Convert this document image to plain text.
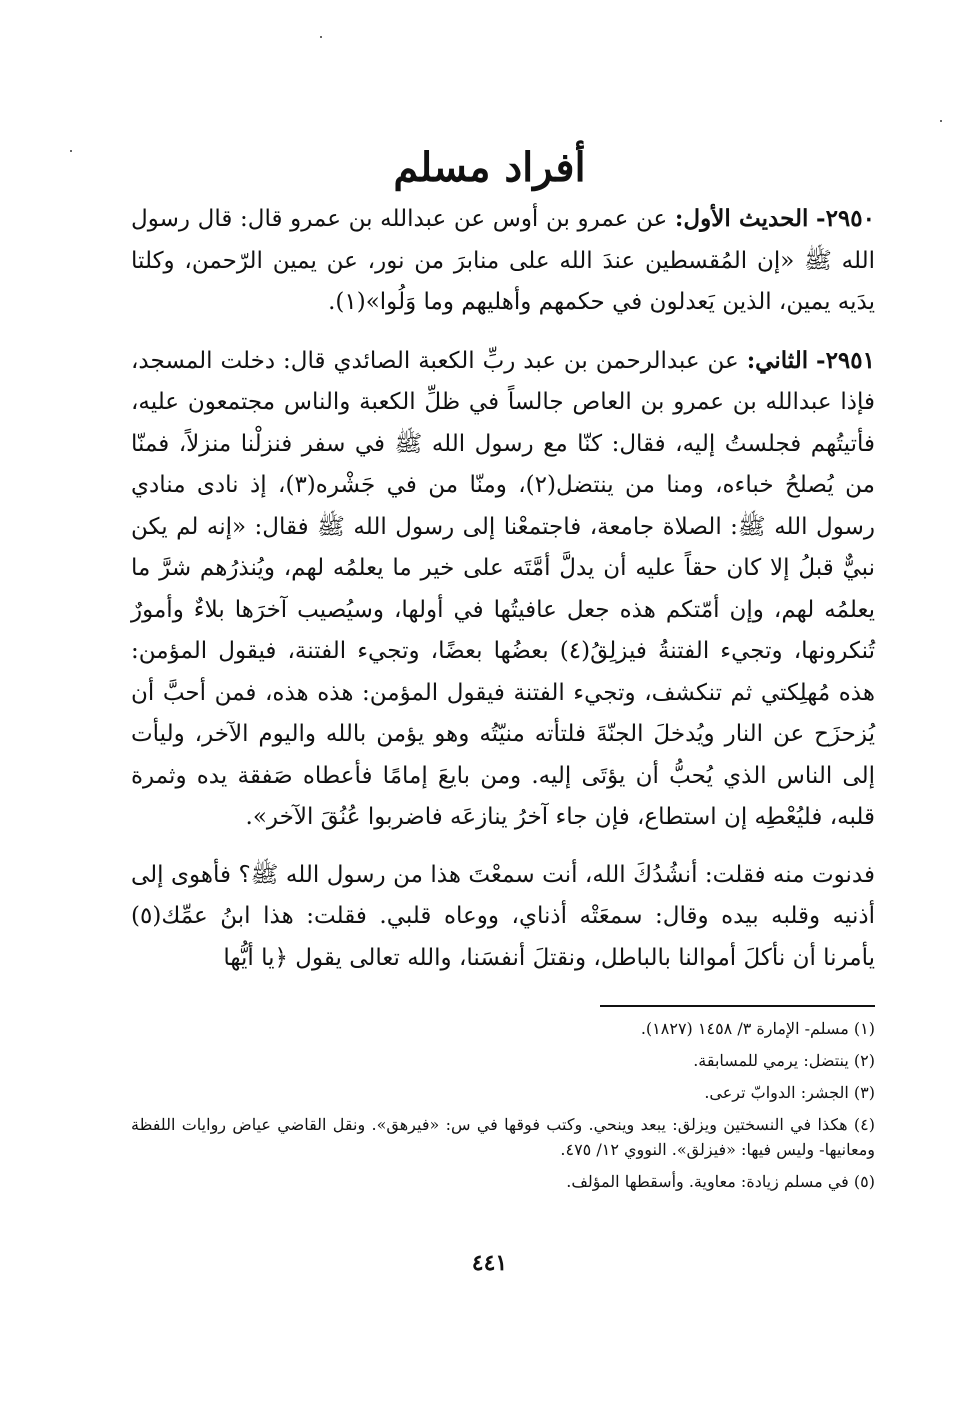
أفراد مسلم

٢٩٥٠- الحديث الأول: عن عمرو بن أوس عن عبدالله بن عمرو قال: قال رسول الله ﷺ «إن المُقسطين عندَ الله على منابرَ من نور، عن يمين الرّحمن، وكلتا يدَيه يمين، الذين يَعدلون في حكمهم وأهليهم وما وَلُوا»(١).

٢٩٥١- الثاني: عن عبدالرحمن بن عبد ربِّ الكعبة الصائدي قال: دخلت المسجد، فإذا عبدالله بن عمرو بن العاص جالساً في ظلِّ الكعبة والناس مجتمعون عليه، فأتيتُهم فجلستُ إليه، فقال: كنّا مع رسول الله ﷺ في سفر فنزلْنا منزلاً، فمنّا من يُصلحُ خباءه، ومنا من ينتضل(٢)، ومنّا من في جَشْره(٣)، إذ نادى منادي رسول الله ﷺ: الصلاة جامعة، فاجتمعْنا إلى رسول الله ﷺ فقال: «إنه لم يكن نبيٌّ قبلُ إلا كان حقاً عليه أن يدلَّ أمَّتَه على خير ما يعلمُه لهم، ويُنذرُهم شرَّ ما يعلمُه لهم، وإن أمّتكم هذه جعل عافيتُها في أولها، وسيُصيب آخرَها بلاءٌ وأمورٌ تُنكرونها، وتجيء الفتنةُ فيزلِقُ(٤) بعضُها بعضًا، وتجيء الفتنة، فيقول المؤمن: هذه مُهلِكتي ثم تنكشف، وتجيء الفتنة فيقول المؤمن: هذه هذه، فمن أحبَّ أن يُزحزَح عن النار ويُدخلَ الجنّةَ فلتأته منيّتُه وهو يؤمن بالله واليوم الآخر، وليأت إلى الناس الذي يُحبُّ أن يؤتَى إليه. ومن بايعَ إمامًا فأعطاه صَفقة يده وثمرة قلبه، فليُعْطِه إن استطاع، فإن جاء آخرُ ينازعَه فاضربوا عُنُقَ الآخر».

فدنوت منه فقلت: أنشُدُكَ الله، أنت سمعْتَ هذا من رسول الله ﷺ؟ فأهوى إلى أذنيه وقلبه بيده وقال: سمعَتْه أذناي، ووعاه قلبي. فقلت: هذا ابنُ عمِّك(٥) يأمرنا أن نأكلَ أموالنا بالباطل، ونقتلَ أنفسَنا، والله تعالى يقول ﴿يا أيُّها

(١) مسلم- الإمارة ٣/ ١٤٥٨ (١٨٢٧).
(٢) ينتضل: يرمي للمسابقة.
(٣) الجشر: الدوابّ ترعى.
(٤) هكذا في النسختين ويزلق: يبعد وينحي. وكتب فوقها في س: «فيرهق». ونقل القاضي عياض روايات اللفظة ومعانيها- وليس فيها: «فيزلق». النووي ١٢/ ٤٧٥.
(٥) في مسلم زيادة: معاوية. وأسقطها المؤلف.
٤٤١
